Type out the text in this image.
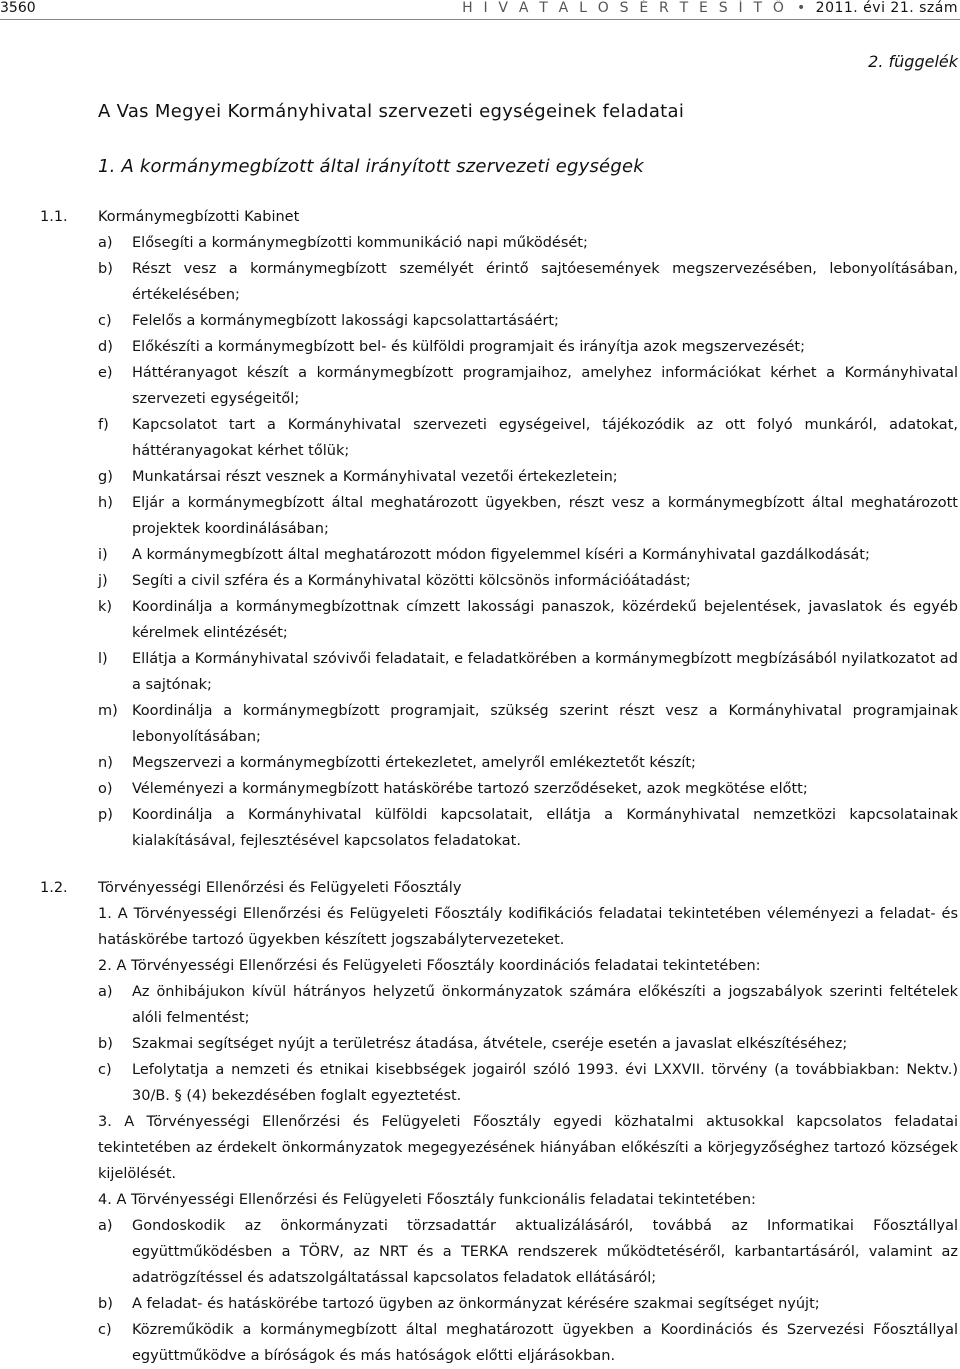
3560	H I V A T A L O S É R T E S Í T Ő  •  2011. évi 21. szám
2. függelék
A Vas Megyei Kormányhivatal szervezeti egységeinek feladatai
1. A kormánymegbízott által irányított szervezeti egységek
1.1. Kormánymegbízotti Kabinet
a) Elősegíti a kormánymegbízotti kommunikáció napi működését;
b) Részt vesz a kormánymegbízott személyét érintő sajtóesemények megszervezésében, lebonyolításában,
értékelésében;
c) Felelős a kormánymegbízott lakossági kapcsolattartásáért;
d) Előkészíti a kormánymegbízott bel- és külföldi programjait és irányítja azok megszervezését;
e) Háttéranyagot készít a kormánymegbízott programjaihoz, amelyhez információkat kérhet a Kormányhivatal
szervezeti egységeitől;
f) Kapcsolatot tart a Kormányhivatal szervezeti egységeivel, tájékozódik az ott folyó munkáról, adatokat,
háttéranyagokat kérhet tőlük;
g) Munkatársai részt vesznek a Kormányhivatal vezetői értekezletein;
h) Eljár a kormánymegbízott által meghatározott ügyekben, részt vesz a kormánymegbízott által meghatározott
projektek koordinálásában;
i) A kormánymegbízott által meghatározott módon figyelemmel kíséri a Kormányhivatal gazdálkodását;
j) Segíti a civil szféra és a Kormányhivatal közötti kölcsönös információátadást;
k) Koordinálja a kormánymegbízottnak címzett lakossági panaszok, közérdekű bejelentések, javaslatok és egyéb
kérelmek elintézését;
l) Ellátja a Kormányhivatal szóvivői feladatait, e feladatkörében a kormánymegbízott megbízásából nyilatkozatot ad
a sajtónak;
m) Koordinálja a kormánymegbízott programjait, szükség szerint részt vesz a Kormányhivatal programjainak
lebonyolításában;
n) Megszervezi a kormánymegbízotti értekezletet, amelyről emlékeztetőt készít;
o) Véleményezi a kormánymegbízott hatáskörébe tartozó szerződéseket, azok megkötése előtt;
p) Koordinálja a Kormányhivatal külföldi kapcsolatait, ellátja a Kormányhivatal nemzetközi kapcsolatainak
kialakításával, fejlesztésével kapcsolatos feladatokat.
1.2. Törvényességi Ellenőrzési és Felügyeleti Főosztály
1. A Törvényességi Ellenőrzési és Felügyeleti Főosztály kodifikációs feladatai tekintetében véleményezi a feladat- és
hatáskörébe tartozó ügyekben készített jogszabálytervezeteket.
2. A Törvényességi Ellenőrzési és Felügyeleti Főosztály koordinációs feladatai tekintetében:
a) Az önhibájukon kívül hátrányos helyzetű önkormányzatok számára előkészíti a jogszabályok szerinti feltételek
alóli felmentést;
b) Szakmai segítséget nyújt a területrész átadása, átvétele, cseréje esetén a javaslat elkészítéséhez;
c) Lefolytatja a nemzeti és etnikai kisebbségek jogairól szóló 1993. évi LXXVII. törvény (a továbbiakban: Nektv.)
30/B. § (4) bekezdésében foglalt egyeztetést.
3. A Törvényességi Ellenőrzési és Felügyeleti Főosztály egyedi közhatalmi aktusokkal kapcsolatos feladatai
tekintetében az érdekelt önkormányzatok megegyezésének hiányában előkészíti a körjegyzőséghez tartozó községek
kijelölését.
4. A Törvényességi Ellenőrzési és Felügyeleti Főosztály funkcionális feladatai tekintetében:
a) Gondoskodik az önkormányzati törzsadattár aktualizálásáról, továbbá az Informatikai Főosztállyal
együttműködésben a TÖRV, az NRT és a TERKA rendszerek működtetéséről, karbantartásáról, valamint az
adatrögzítéssel és adatszolgáltatással kapcsolatos feladatok ellátásáról;
b) A feladat- és hatáskörébe tartozó ügyben az önkormányzat kérésére szakmai segítséget nyújt;
c) Közreműködik a kormánymegbízott által meghatározott ügyekben a Koordinációs és Szervezési Főosztállyal
együttműködve a bíróságok és más hatóságok előtti eljárásokban.
